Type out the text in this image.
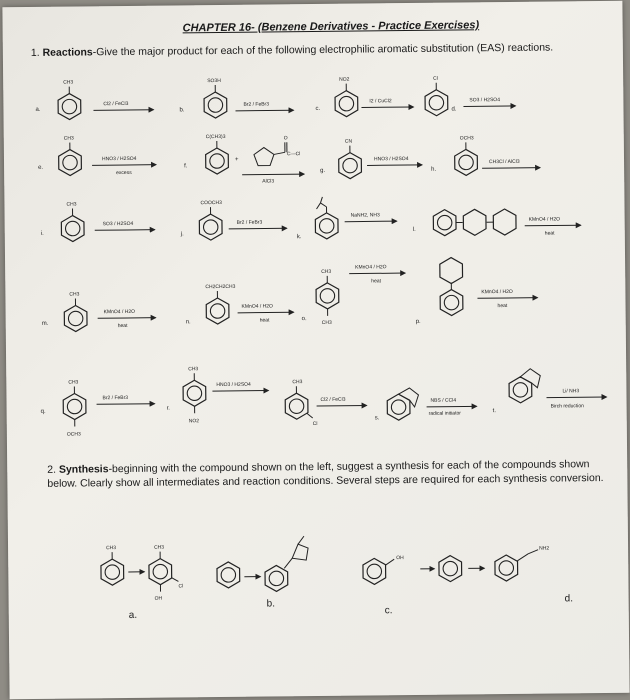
CHAPTER 16- (Benzene Derivatives - Practice Exercises)
1. Reactions-Give the major product for each of the following electrophilic aromatic substitution (EAS) reactions.
a.
CH3
Cl2 / FeCl3
b.
SO3H
Br2 / FeBr3
c.
NO2
I2 / CuCl2
Cl
d.
SO3 / H2SO4
e.
CH3
HNO3 / H2SO4
excess
f.
C(CH3)3
+
O
C—Cl
AlCl3
g.
CN
HNO3 / H2SO4
h.
OCH3
CH3Cl / AlCl3
i.
CH3
SO3 / H2SO4
j.
COOCH3
Br2 / FeBr3
k.
NaNH2, NH3
l.
KMnO4 / H2O
heat
m.
CH3
KMnO4 / H2O
heat
n.
CH2CH2CH3
KMnO4 / H2O
heat	o.
CH3
CH3
KMnO4 / H2O
heat
p.
KMnO4 / H2O
heat
q.
CH3
OCH3
Br2 / FeBr3
r.
CH3
NO2
HNO3 / H2SO4	CH3
Cl
Cl2 / FeCl3
s.
NBS / CCl4
radical initiator	t.
Li/ NH3
Birch reduction
CH3	CH3
Cl
OH
a.
b.
OH
c.
NH2
d.
2. Synthesis-beginning with the compound shown on the left, suggest a synthesis for each of the compounds shown below. Clearly show all intermediates and reaction conditions. Several steps are required for each synthesis conversion.
